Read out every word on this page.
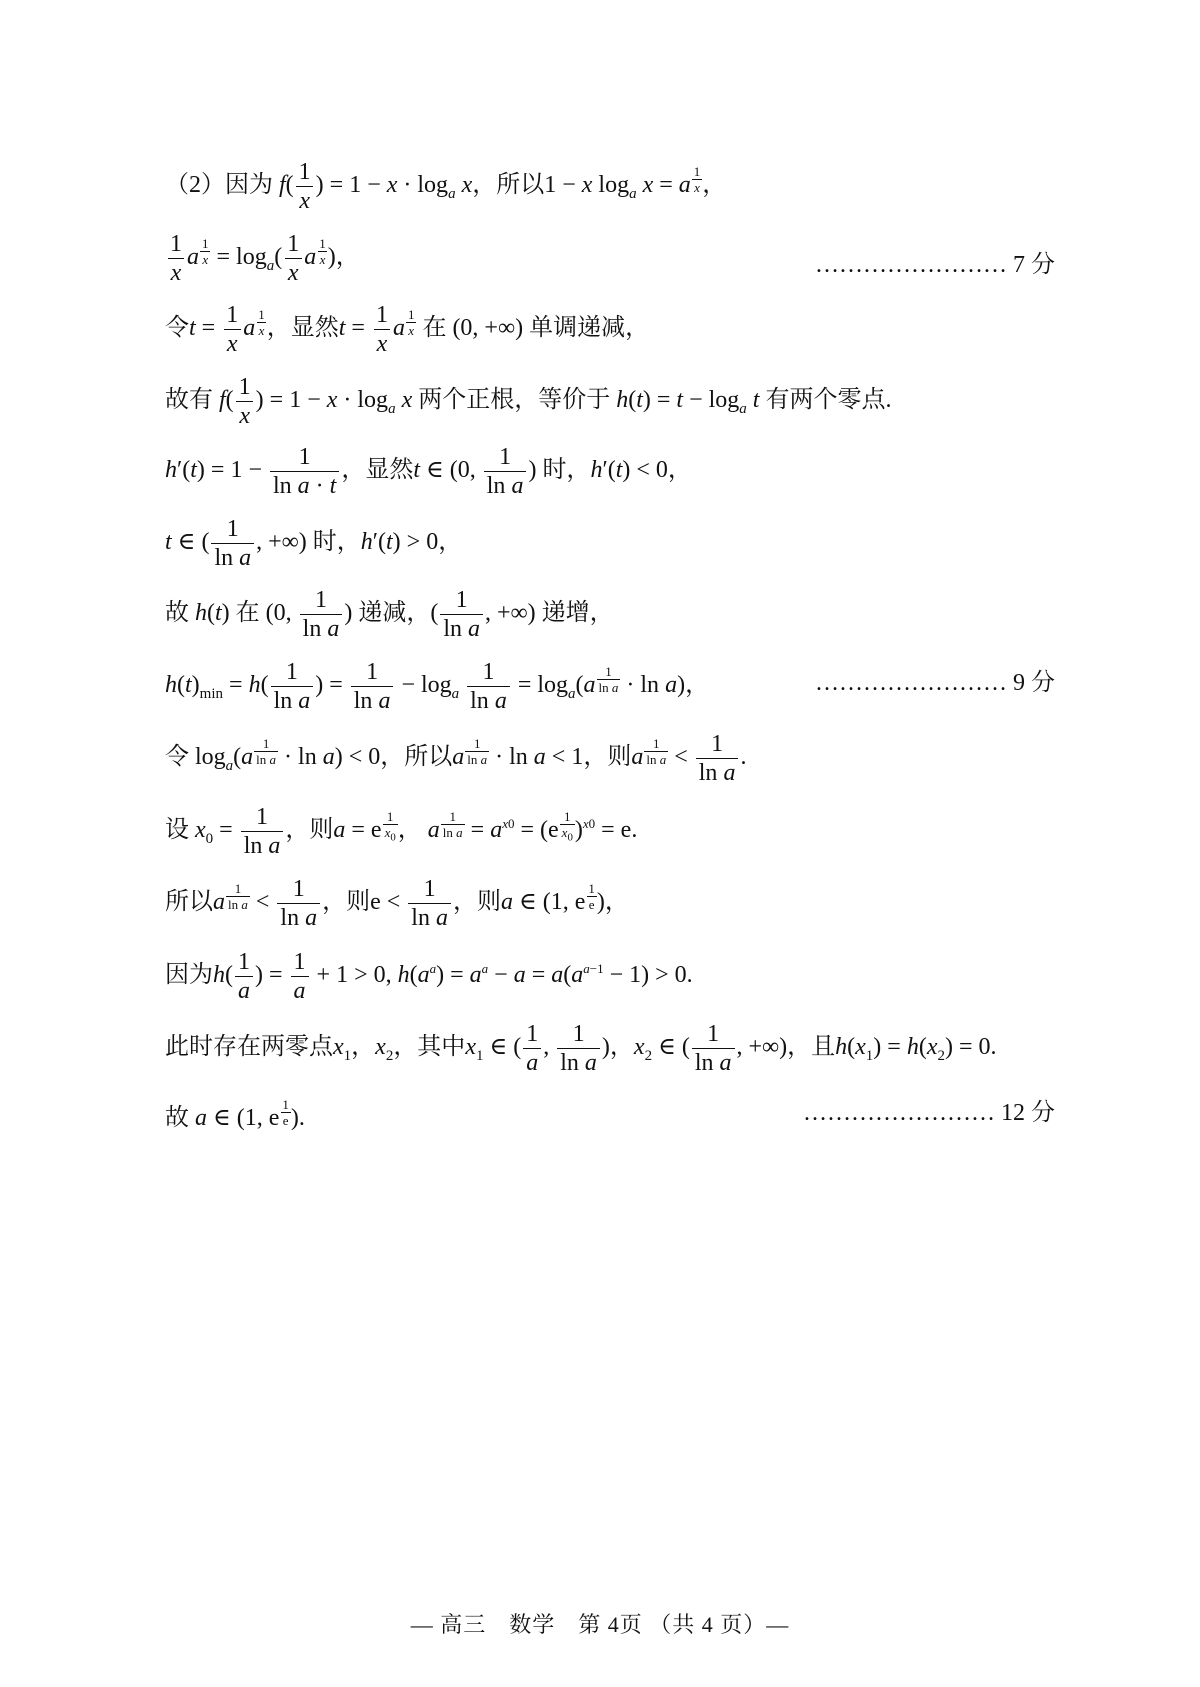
（2）因为 $f( \frac{1}{x}$ ) = $1 - x \cdot \log_a x$，所以1 − x $\log_a x = a \frac{1}{x}$ ，
$\frac{1}{x}$ a $\frac{1}{x} = \log_a( \frac{1}{x}$ a $\frac{1}{x}$ )，	…………………… 7 分
令$t = \frac{1}{x}$ a $\frac{1}{x}$ ，显然$t = \frac{1}{x}$ a $\frac{1}{x}$ 在 (0, +∞) 单调递减，
故有 $f( \frac{1}{x}$ ) = $1 - x \cdot \log_a x$ 两个正根，等价于 $h(t) = t - \log_a t$ 有两个零点.
$h'(t) = 1 - \frac{1}{\text{ln a · t}}$ ，显然t ∈ (0, $\frac{1}{\text{ln a}}$ ) 时，h′(t) < 0，
t ∈ ( $\frac{1}{\text{ln a}}$ , +∞) 时，h′(t) > 0，
故 h(t) 在 (0, $\frac{1}{\text{ln a}}$ ) 递减，( $\frac{1}{\text{ln a}}$ , +∞) 递增，
$h(t)_{min} = h( \frac{1}{\text{ln a}}$ ) = $\frac{1}{\text{ln a}} - \log_a \frac{1}{\text{ln a}} = \log_a(a \frac{1}{\text{ln a}} \cdot \ln a)$，	…………………… 9 分
令 $\log_a(a \frac{1}{\text{ln a}} \cdot \ln a) < 0$，所以a $\frac{1}{\text{ln a}} \cdot \ln a < 1$，则a $\frac{1}{\text{ln a}} < \frac{1}{\text{ln a}}$ .
设 $x_0 = \frac{1}{\text{ln a}}$ ，则a = e $\frac{1}{x_0}$ ， a $\frac{1}{\text{ln a}} = a^{x0} = (e \frac{1}{x_0} )^{x0} = e$.
所以a $\frac{1}{\text{ln a}} < \frac{1}{\text{ln a}}$ ，则$e < \frac{1}{\text{ln a}}$ ，则a ∈ (1, e $\frac{1}{e}$ )，
因为$h( \frac{1}{a}$ ) = $\frac{1}{a} + 1 > 0$, $h(a^a) = a^a - a = a(a^{a-1} - 1) > 0$.
此时存在两零点$x_1$，$x_2$，其中$x_1$ ∈ ( $\frac{1}{a}$ , $\frac{1}{\text{ln a}}$ )，$x_2$ ∈ ( $\frac{1}{\text{ln a}}$ , +∞)，且$h(x_1) = h(x_2) = 0$.
故 a ∈ (1, e $\frac{1}{e}$ ).	…………………… 12 分
— 高三　数学　第 4页 （共 4 页）—
